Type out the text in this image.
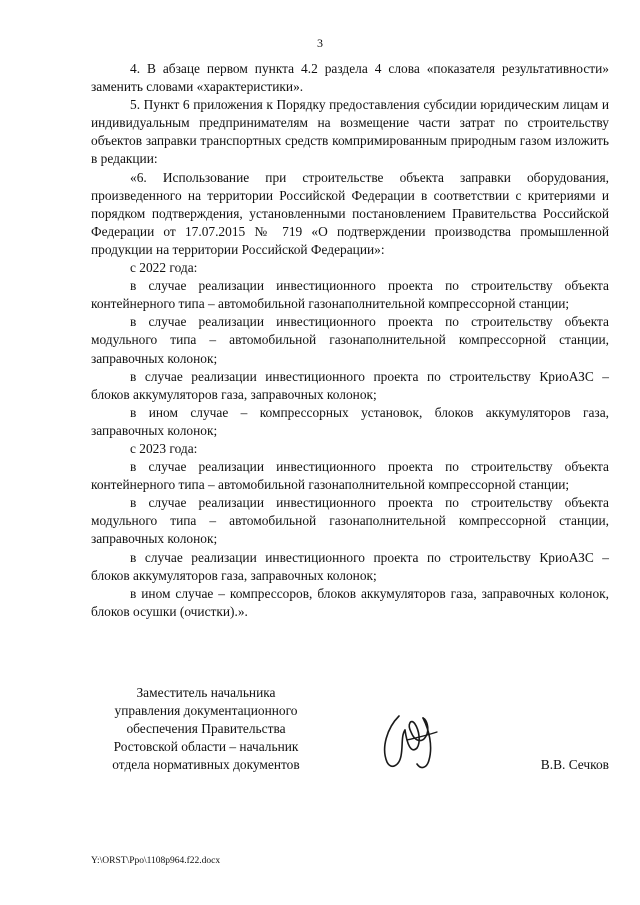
3

4. В абзаце первом пункта 4.2 раздела 4 слова «показателя результативности» заменить словами «характеристики».

5. Пункт 6 приложения к Порядку предоставления субсидии юридическим лицам и индивидуальным предпринимателям на возмещение части затрат по строительству объектов заправки транспортных средств компримированным природным газом изложить в редакции:

«6. Использование при строительстве объекта заправки оборудования, произведенного на территории Российской Федерации в соответствии с критериями и порядком подтверждения, установленными постановлением Правительства Российской Федерации от 17.07.2015 № 719 «О подтверждении производства промышленной продукции на территории Российской Федерации»:

с 2022 года:

в случае реализации инвестиционного проекта по строительству объекта контейнерного типа – автомобильной газонаполнительной компрессорной станции;

в случае реализации инвестиционного проекта по строительству объекта модульного типа – автомобильной газонаполнительной компрессорной станции, заправочных колонок;

в случае реализации инвестиционного проекта по строительству КриоАЗС – блоков аккумуляторов газа, заправочных колонок;

в ином случае – компрессорных установок, блоков аккумуляторов газа, заправочных колонок;

с 2023 года:

в случае реализации инвестиционного проекта по строительству объекта контейнерного типа – автомобильной газонаполнительной компрессорной станции;

в случае реализации инвестиционного проекта по строительству объекта модульного типа – автомобильной газонаполнительной компрессорной станции, заправочных колонок;

в случае реализации инвестиционного проекта по строительству КриоАЗС – блоков аккумуляторов газа, заправочных колонок;

в ином случае – компрессоров, блоков аккумуляторов газа, заправочных колонок, блоков осушки (очистки).».

Заместитель начальника
управления документационного
обеспечения Правительства
Ростовской области – начальник
отдела нормативных документов	В.В. Сечков
Y:\ORST\Ppo\1108p964.f22.docx
